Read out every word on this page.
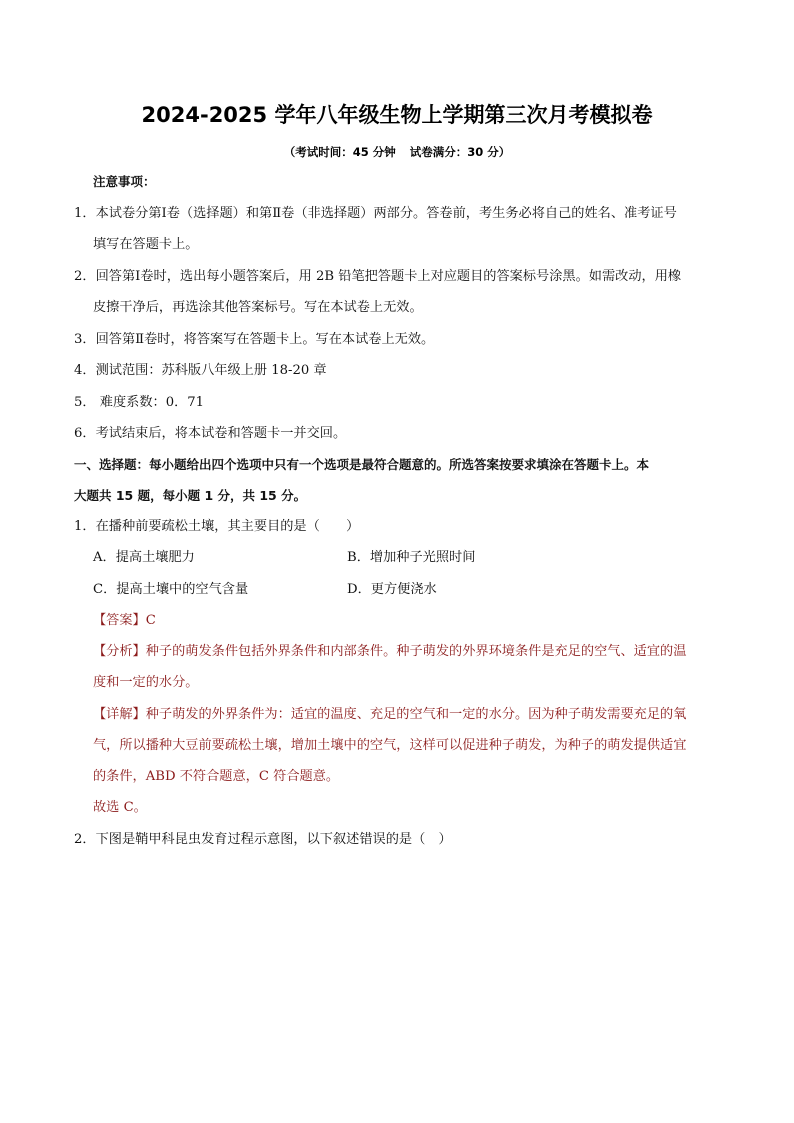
2024-2025 学年八年级生物上学期第三次月考模拟卷
（考试时间：45 分钟 试卷满分：30 分）
注意事项：
1．本试卷分第Ⅰ卷（选择题）和第Ⅱ卷（非选择题）两部分。答卷前，考生务必将自己的姓名、准考证号
填写在答题卡上。
2．回答第Ⅰ卷时，选出每小题答案后，用 2B 铅笔把答题卡上对应题目的答案标号涂黑。如需改动，用橡
皮擦干净后，再选涂其他答案标号。写在本试卷上无效。
3．回答第Ⅱ卷时，将答案写在答题卡上。写在本试卷上无效。
4．测试范围：苏科版八年级上册 18-20 章
5． 难度系数：0．71
6．考试结束后，将本试卷和答题卡一并交回。
一、选择题：每小题给出四个选项中只有一个选项是最符合题意的。所选答案按要求填涂在答题卡上。本
大题共 15 题，每小题 1 分，共 15 分。
1．在播种前要疏松土壤，其主要目的是（　　）
A．提高土壤肥力	B．增加种子光照时间
C．提高土壤中的空气含量	D．更方便浇水
【答案】C
【分析】种子的萌发条件包括外界条件和内部条件。种子萌发的外界环境条件是充足的空气、适宜的温
度和一定的水分。
【详解】种子萌发的外界条件为：适宜的温度、充足的空气和一定的水分。因为种子萌发需要充足的氧
气，所以播种大豆前要疏松土壤，增加土壤中的空气，这样可以促进种子萌发，为种子的萌发提供适宜
的条件，ABD 不符合题意，C 符合题意。
故选 C。
2．下图是鞘甲科昆虫发育过程示意图，以下叙述错误的是（　）
